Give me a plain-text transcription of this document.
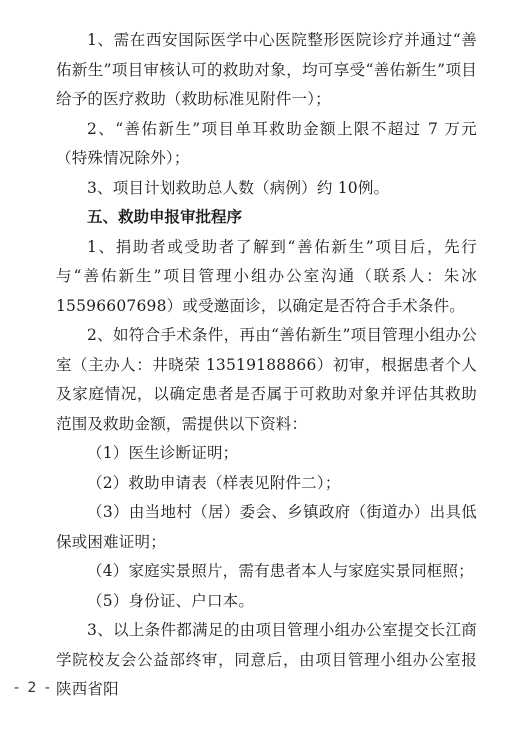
1、需在西安国际医学中心医院整形医院诊疗并通过“善佑新生”项目审核认可的救助对象，均可享受“善佑新生”项目给予的医疗救助（救助标准见附件一）；

2、“善佑新生”项目单耳救助金额上限不超过 7 万元（特殊情况除外）；

3、项目计划救助总人数（病例）约 10例。

五、救助申报审批程序

1、捐助者或受助者了解到“善佑新生”项目后，先行与“善佑新生”项目管理小组办公室沟通（联系人：朱冰 15596607698）或受邀面诊，以确定是否符合手术条件。

2、如符合手术条件，再由“善佑新生”项目管理小组办公室（主办人：井晓荣 13519188866）初审，根据患者个人及家庭情况，以确定患者是否属于可救助对象并评估其救助范围及救助金额，需提供以下资料：

（1）医生诊断证明；

（2）救助申请表（样表见附件二）；

（3）由当地村（居）委会、乡镇政府（街道办）出具低保或困难证明；

（4）家庭实景照片，需有患者本人与家庭实景同框照；

（5）身份证、户口本。

3、以上条件都满足的由项目管理小组办公室提交长江商学院校友会公益部终审，同意后，由项目管理小组办公室报陕西省阳

- 2 -
